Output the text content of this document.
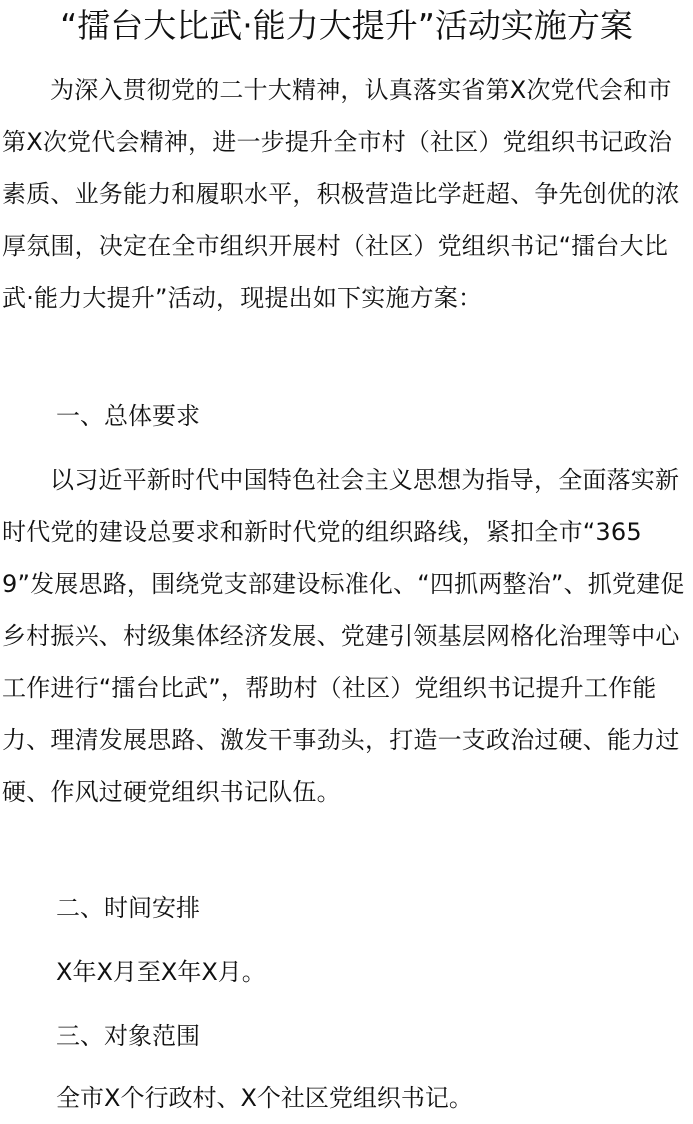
“擂台大比武·能力大提升”活动实施方案

为深入贯彻党的二十大精神，认真落实省第X次党代会和市第X次党代会精神，进一步提升全市村（社区）党组织书记政治素质、业务能力和履职水平，积极营造比学赶超、争先创优的浓厚氛围，决定在全市组织开展村（社区）党组织书记“擂台大比武·能力大提升”活动，现提出如下实施方案：

一、总体要求

以习近平新时代中国特色社会主义思想为指导，全面落实新时代党的建设总要求和新时代党的组织路线，紧扣全市“3659”发展思路，围绕党支部建设标准化、“四抓两整治”、抓党建促乡村振兴、村级集体经济发展、党建引领基层网格化治理等中心工作进行“擂台比武”，帮助村（社区）党组织书记提升工作能力、理清发展思路、激发干事劲头，打造一支政治过硬、能力过硬、作风过硬党组织书记队伍。

二、时间安排

X年X月至X年X月。

三、对象范围

全市X个行政村、X个社区党组织书记。
